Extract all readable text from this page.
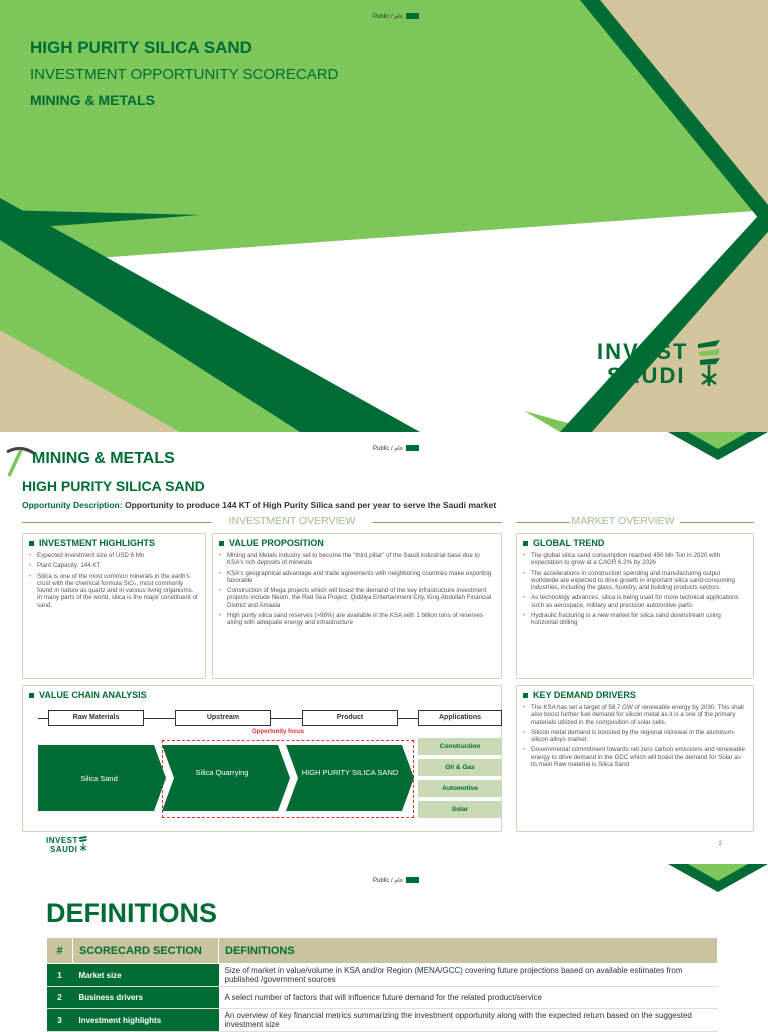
Public / عام
HIGH PURITY SILICA SAND
INVESTMENT OPPORTUNITY SCORECARD
MINING & METALS
INVEST
SAUDI
Public / عام
MINING & METALS
HIGH PURITY SILICA SAND
Opportunity Description: Opportunity to produce 144 KT of High Purity Silica sand per year to serve the Saudi market
INVESTMENT OVERVIEW	MARKET OVERVIEW
INVESTMENT HIGHLIGHTS
• Expected investment size of USD 6 Mn
• Plant Capacity: 144 KT
• Silica is one of the most common minerals in the earth's crust with the chemical formula SiO₂, most commonly found in nature as quartz and in various living organisms. In many parts of the world, silica is the major constituent of sand.
VALUE PROPOSITION
• Mining and Metals industry set to become the "third pillar" of the Saudi industrial base due to KSA's rich deposits of minerals
• KSA's geographical advantage and trade agreements with neighboring countries make exporting favorable
• Construction of Mega projects which will boast the demand of the key infrastructure investment projects include Neom, the Red Sea Project, Qiddiya Entertainment City, King Abdullah Financial District and Amaala
• High purity silica sand reserves (>98%) are available in the KSA with 1 billion tons of reserves along with adequate energy and infrastructure
GLOBAL TREND
• The global silica sand consumption reached 450 Mn Ton in 2020 with expectation to grow at a CAGR 6.2% by 2026
• The accelerations in construction spending and manufacturing output worldwide are expected to drive growth in important silica sand-consuming industries, including the glass, foundry, and building products sectors.
• As technology advances, silica is being used for more technical applications such as aerospace, military and precision automotive parts.
• Hydraulic fracturing is a new market for silica sand downstream using horizontal drilling
VALUE CHAIN ANALYSIS
Raw Materials	Upstream	Product	Applications
Opportunity focus
Silica Sand
Silica Quarrying	HIGH PURITY SILICA SAND
Construction
Oil & Gas
Automotive
Solar
KEY DEMAND DRIVERS
• The KSA has set a target of 58.7 GW of renewable energy by 2030. This shall also boost further fuel demand for silicon metal as it is a one of the primary materials utilized in the composition of solar cells.
• Silicon metal demand is boosted by the regional increase in the aluminum-silicon alloys market.
• Governmental commitment towards net zero carbon emissions and renewable energy to drive demand in the GCC which will boast the demand for Solar as its main Raw material is Silica Sand
INVEST
SAUDI
2
Public / عام
DEFINITIONS
#	SCORECARD SECTION	DEFINITIONS
1	Market size	Size of market in value/volume in KSA and/or Region (MENA/GCC) covering future projections based on available estimates from published /government sources
2	Business drivers	A select number of factors that will influence future demand for the related product/service
3	Investment highlights	An overview of key financial metrics summarizing the investment opportunity along with the expected return based on the suggested investment size
